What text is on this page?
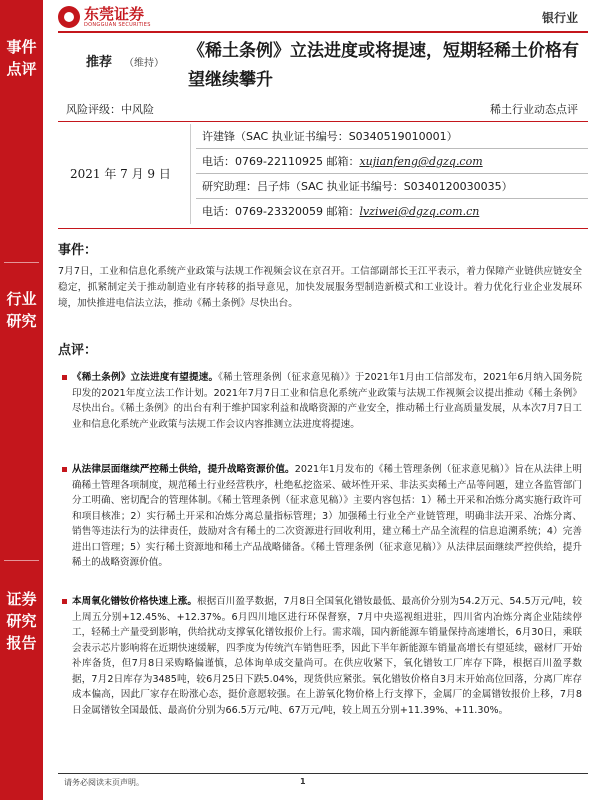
事件
点评
行业
研究
证券
研究
报告
东莞证券
DONGGUAN SECURITIES	银行业
推荐 （维持）
《稀土条例》立法进度或将提速，短期轻稀土价格有望继续攀升
风险评级：中风险	稀土行业动态点评
2021 年 7 月 9 日
许建锋（SAC 执业证书编号：S0340519010001）
电话：0769-22110925 邮箱：xujianfeng@dgzq.com
研究助理：吕子炜（SAC 执业证书编号：S0340120030035）
电话：0769-23320059 邮箱：lvziwei@dgzq.com.cn
事件：
7月7日，工业和信息化系统产业政策与法规工作视频会议在京召开。工信部副部长王江平表示，着力保障产业链供应链安全稳定，抓紧制定关于推动制造业有序转移的指导意见，加快发展服务型制造新模式和工业设计。着力优化行业企业发展环境，加快推进电信法立法，推动《稀土条例》尽快出台。
点评：
《稀土条例》立法进度有望提速。《稀土管理条例（征求意见稿）》于2021年1月由工信部发布，2021年6月纳入国务院印发的2021年度立法工作计划。2021年7月7日工业和信息化系统产业政策与法规工作视频会议提出推动《稀土条例》尽快出台。《稀土条例》的出台有利于维护国家利益和战略资源的产业安全，推动稀土行业高质量发展，从本次7月7日工业和信息化系统产业政策与法规工作会议内容推测立法进度将提速。
从法律层面继续严控稀土供给，提升战略资源价值。2021年1月发布的《稀土管理条例（征求意见稿）》旨在从法律上明确稀土管理各项制度，规范稀土行业经营秩序，杜绝私挖盗采、破坏性开采、非法买卖稀土产品等问题，建立各监管部门分工明确、密切配合的管理体制。《稀土管理条例（征求意见稿）》主要内容包括：1）稀土开采和冶炼分离实施行政许可和项目核准；2）实行稀土开采和冶炼分离总量指标管理；3）加强稀土行业全产业链管理，明确非法开采、冶炼分离、销售等违法行为的法律责任，鼓励对含有稀土的二次资源进行回收利用，建立稀土产品全流程的信息追溯系统；4）完善进出口管理；5）实行稀土资源地和稀土产品战略储备。《稀土管理条例（征求意见稿）》从法律层面继续严控供给，提升稀土的战略资源价值。
本周氧化镨钕价格快速上涨。根据百川盈孚数据，7月8日全国氧化镨钕最低、最高价分别为54.2万元、54.5万元/吨，较上周五分别+12.45%、+12.37%。6月四川地区进行环保督察，7月中央巡视组进驻，四川省内冶炼分离企业陆续停工，轻稀土产量受到影响，供给扰动支撑氧化镨钕报价上行。需求端，国内新能源车销量保持高速增长，6月30日，乘联会表示芯片影响将在近期快速缓解，四季度为传统汽车销售旺季，因此下半年新能源车销量高增长有望延续，磁材厂开始补库备货，但7月8日采购略偏谨慎，总体询单成交量尚可。在供应收紧下，氧化镨钕工厂库存下降，根据百川盈孚数据，7月2日库存为3485吨，较6月25日下跌5.04%，现货供应紧张。氧化镨钕价格自3月末开始高位回落，分离厂库存成本偏高，因此厂家存在盼涨心态，挺价意愿较强。在上游氧化物价格上行支撑下，金属厂的金属镨钕报价上移，7月8日金属镨钕全国最低、最高价分别为66.5万元/吨、67万元/吨，较上周五分别+11.39%、+11.30%。
请务必阅读末页声明。	1
